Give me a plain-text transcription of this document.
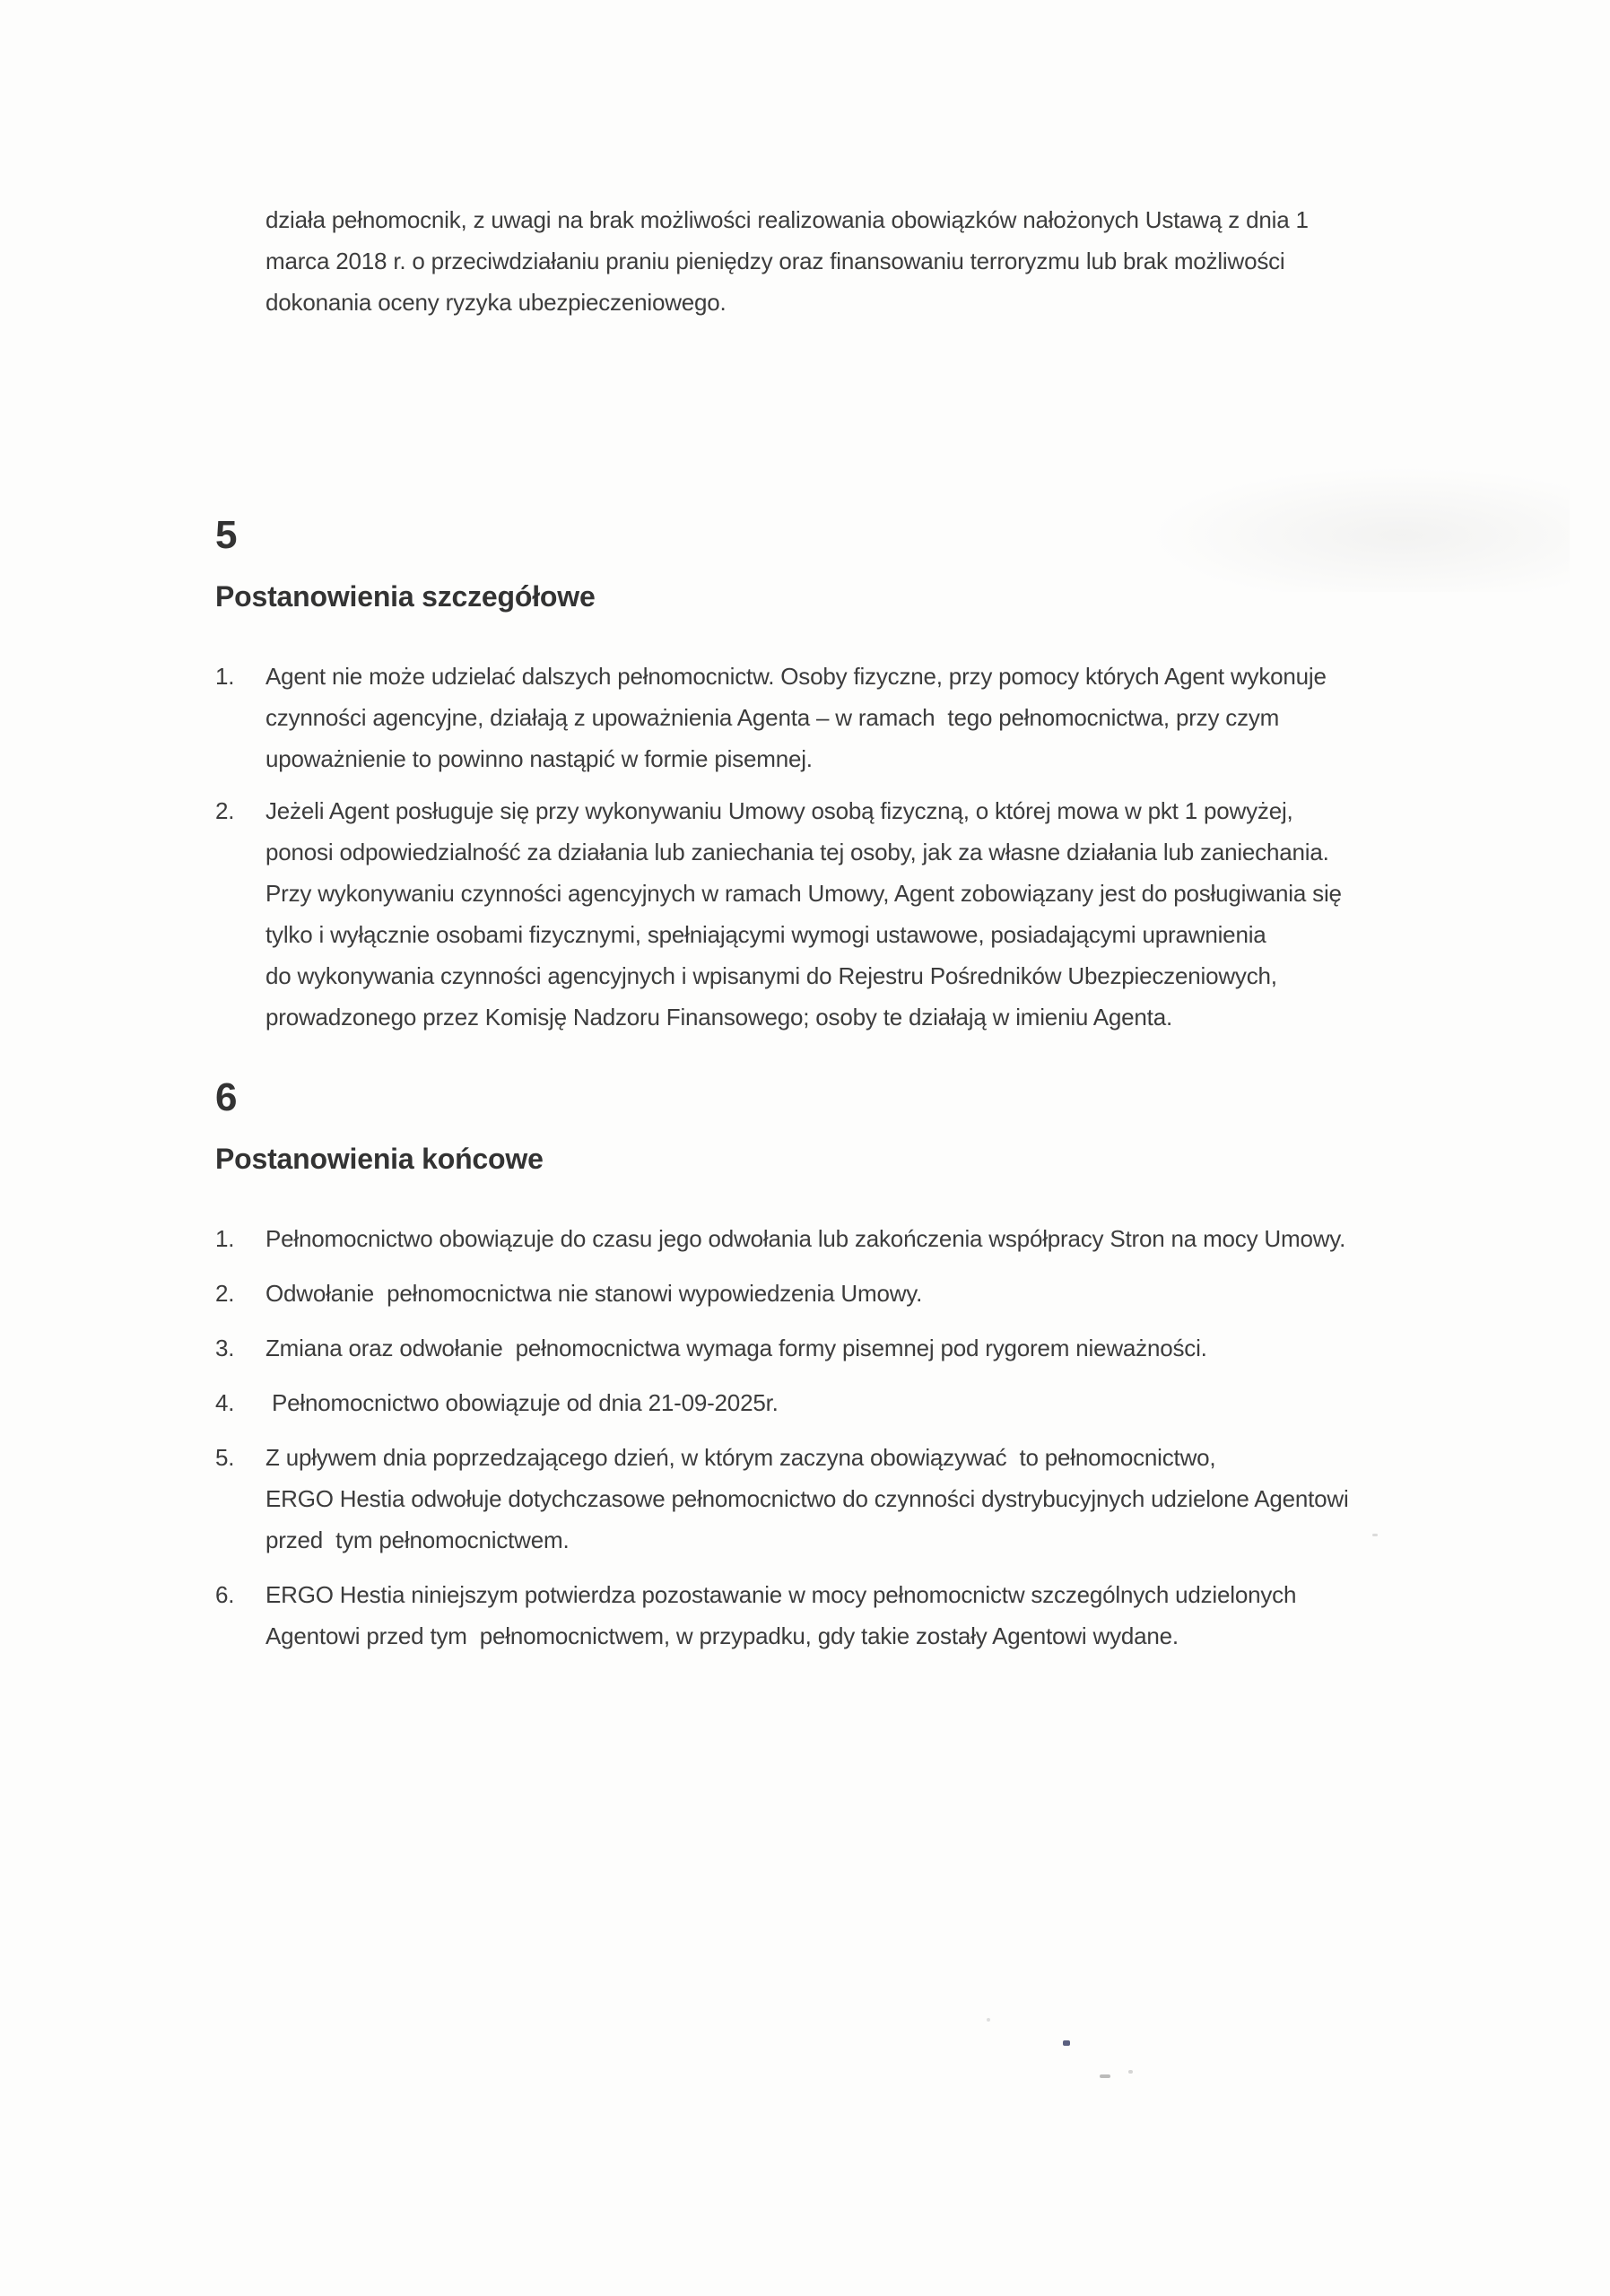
działa pełnomocnik, z uwagi na brak możliwości realizowania obowiązków nałożonych Ustawą z dnia 1
marca 2018 r. o przeciwdziałaniu praniu pieniędzy oraz finansowaniu terroryzmu lub brak możliwości
dokonania oceny ryzyka ubezpieczeniowego.

5
Postanowienia szczegółowe
1.	Agent nie może udzielać dalszych pełnomocnictw. Osoby fizyczne, przy pomocy których Agent wykonuje
czynności agencyjne, działają z upoważnienia Agenta – w ramach  tego pełnomocnictwa, przy czym
upoważnienie to powinno nastąpić w formie pisemnej.
2.	Jeżeli Agent posługuje się przy wykonywaniu Umowy osobą fizyczną, o której mowa w pkt 1 powyżej,
ponosi odpowiedzialność za działania lub zaniechania tej osoby, jak za własne działania lub zaniechania.
Przy wykonywaniu czynności agencyjnych w ramach Umowy, Agent zobowiązany jest do posługiwania się
tylko i wyłącznie osobami fizycznymi, spełniającymi wymogi ustawowe, posiadającymi uprawnienia
do wykonywania czynności agencyjnych i wpisanymi do Rejestru Pośredników Ubezpieczeniowych,
prowadzonego przez Komisję Nadzoru Finansowego; osoby te działają w imieniu Agenta.
6
Postanowienia końcowe
1.	Pełnomocnictwo obowiązuje do czasu jego odwołania lub zakończenia współpracy Stron na mocy Umowy.
2.	Odwołanie  pełnomocnictwa nie stanowi wypowiedzenia Umowy.
3.	Zmiana oraz odwołanie  pełnomocnictwa wymaga formy pisemnej pod rygorem nieważności.
4.	Pełnomocnictwo obowiązuje od dnia 21-09-2025r.
5.	Z upływem dnia poprzedzającego dzień, w którym zaczyna obowiązywać  to pełnomocnictwo,
ERGO Hestia odwołuje dotychczasowe pełnomocnictwo do czynności dystrybucyjnych udzielone Agentowi
przed  tym pełnomocnictwem.
6.	ERGO Hestia niniejszym potwierdza pozostawanie w mocy pełnomocnictw szczególnych udzielonych
Agentowi przed tym  pełnomocnictwem, w przypadku, gdy takie zostały Agentowi wydane.
